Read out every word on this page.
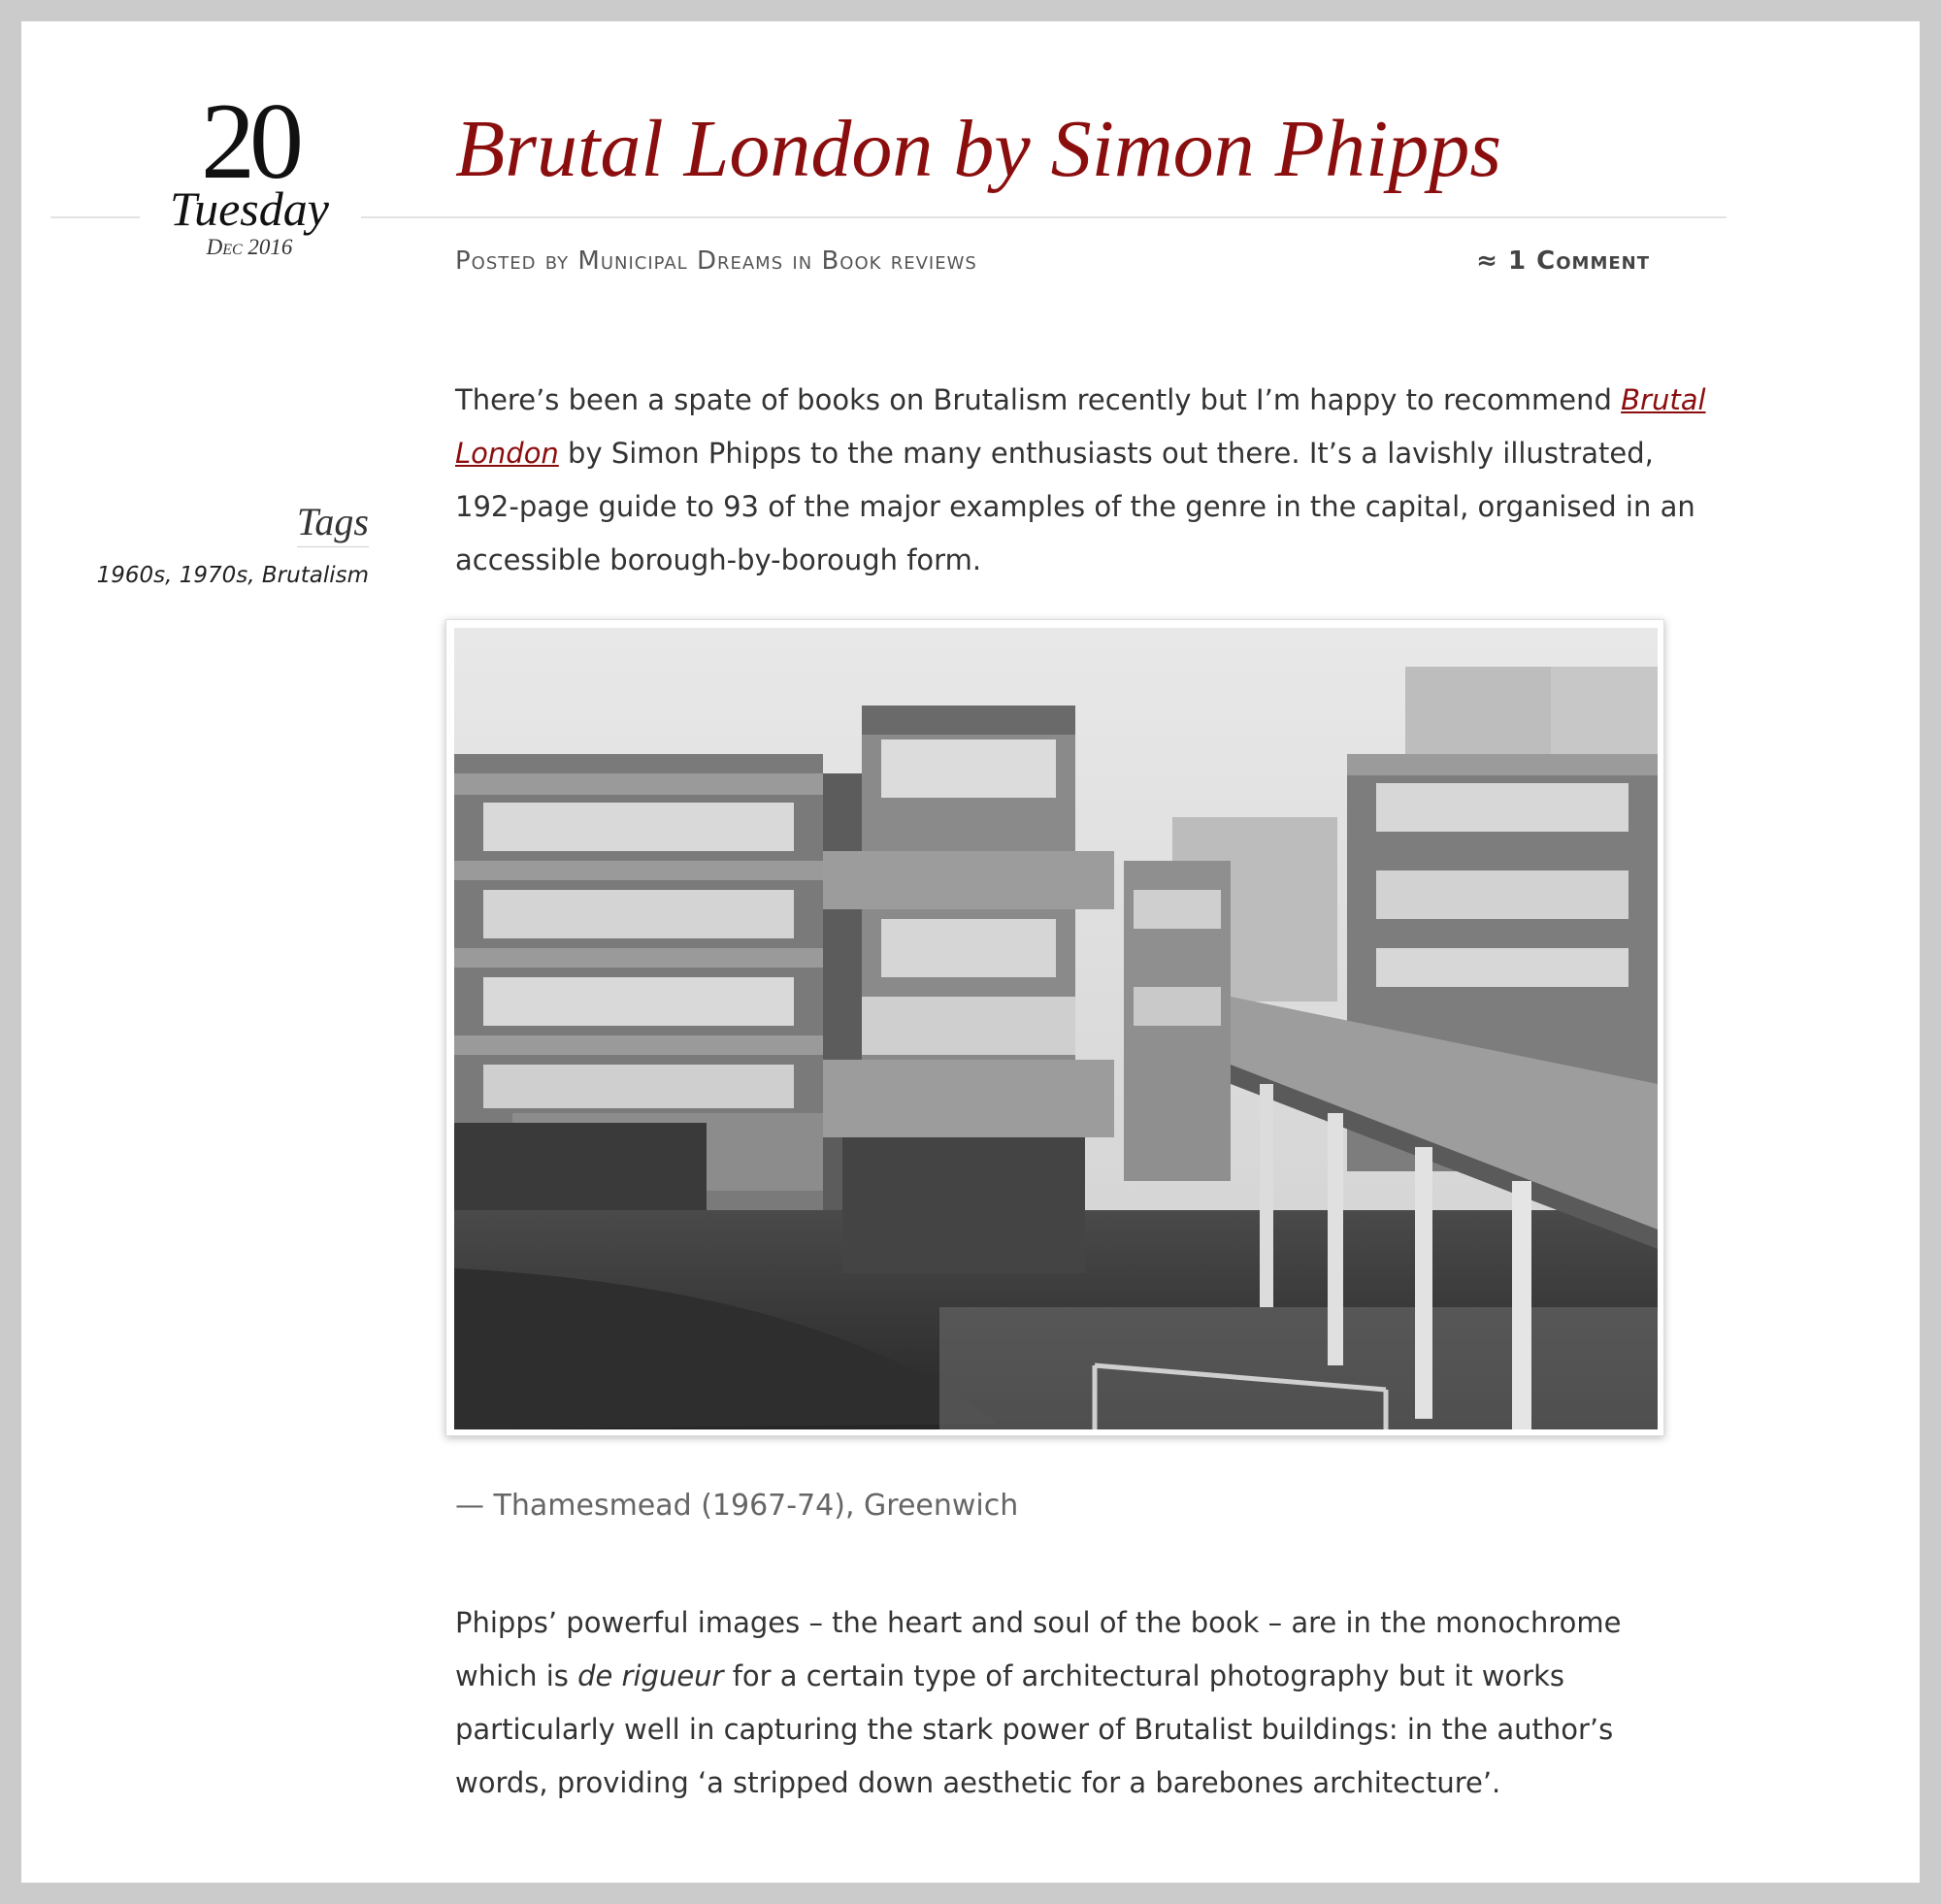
20
Tuesday
Dec 2016
Brutal London by Simon Phipps
Posted by Municipal Dreams in Book reviews	≈ 1 Comment
Tags
1960s, 1970s, Brutalism

There’s been a spate of books on Brutalism recently but I’m happy to recommend Brutal London by Simon Phipps to the many enthusiasts out there. It’s a lavishly illustrated, 192-page guide to 93 of the major examples of the genre in the capital, organised in an accessible borough-by-borough form.

— Thamesmead (1967-74), Greenwich

Phipps’ powerful images – the heart and soul of the book – are in the monochrome which is de rigueur for a certain type of architectural photography but it works particularly well in capturing the stark power of Brutalist buildings: in the author’s words, providing ‘a stripped down aesthetic for a barebones architecture’.
